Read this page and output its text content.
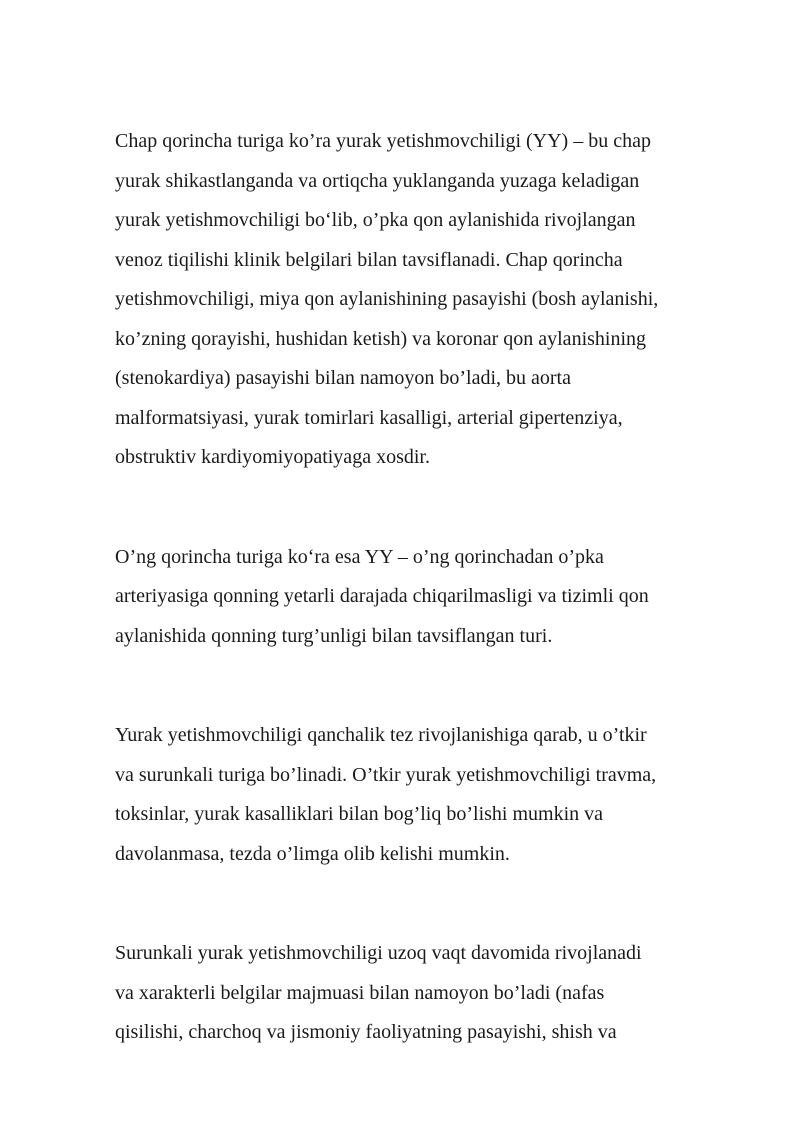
Chap qorincha turiga ko’ra yurak yetishmovchiligi (YY) – bu chap
yurak shikastlanganda va ortiqcha yuklanganda yuzaga keladigan
yurak yetishmovchiligi bo‘lib, o’pka qon aylanishida rivojlangan
venoz tiqilishi klinik belgilari bilan tavsiflanadi. Chap qorincha
yetishmovchiligi, miya qon aylanishining pasayishi (bosh aylanishi,
ko’zning qorayishi, hushidan ketish) va koronar qon aylanishining
(stenokardiya) pasayishi bilan namoyon bo’ladi, bu aorta
malformatsiyasi, yurak tomirlari kasalligi, arterial gipertenziya,
obstruktiv kardiyomiyopatiyaga xosdir.

O’ng qorincha turiga ko‘ra esa YY – o’ng qorinchadan o’pka
arteriyasiga qonning yetarli darajada chiqarilmasligi va tizimli qon
aylanishida qonning turg’unligi bilan tavsiflangan turi.

Yurak yetishmovchiligi qanchalik tez rivojlanishiga qarab, u o’tkir
va surunkali turiga bo’linadi. O’tkir yurak yetishmovchiligi travma,
toksinlar, yurak kasalliklari bilan bog’liq bo’lishi mumkin va
davolanmasa, tezda o’limga olib kelishi mumkin.

Surunkali yurak yetishmovchiligi uzoq vaqt davomida rivojlanadi
va xarakterli belgilar majmuasi bilan namoyon bo’ladi (nafas
qisilishi, charchoq va jismoniy faoliyatning pasayishi, shish va
